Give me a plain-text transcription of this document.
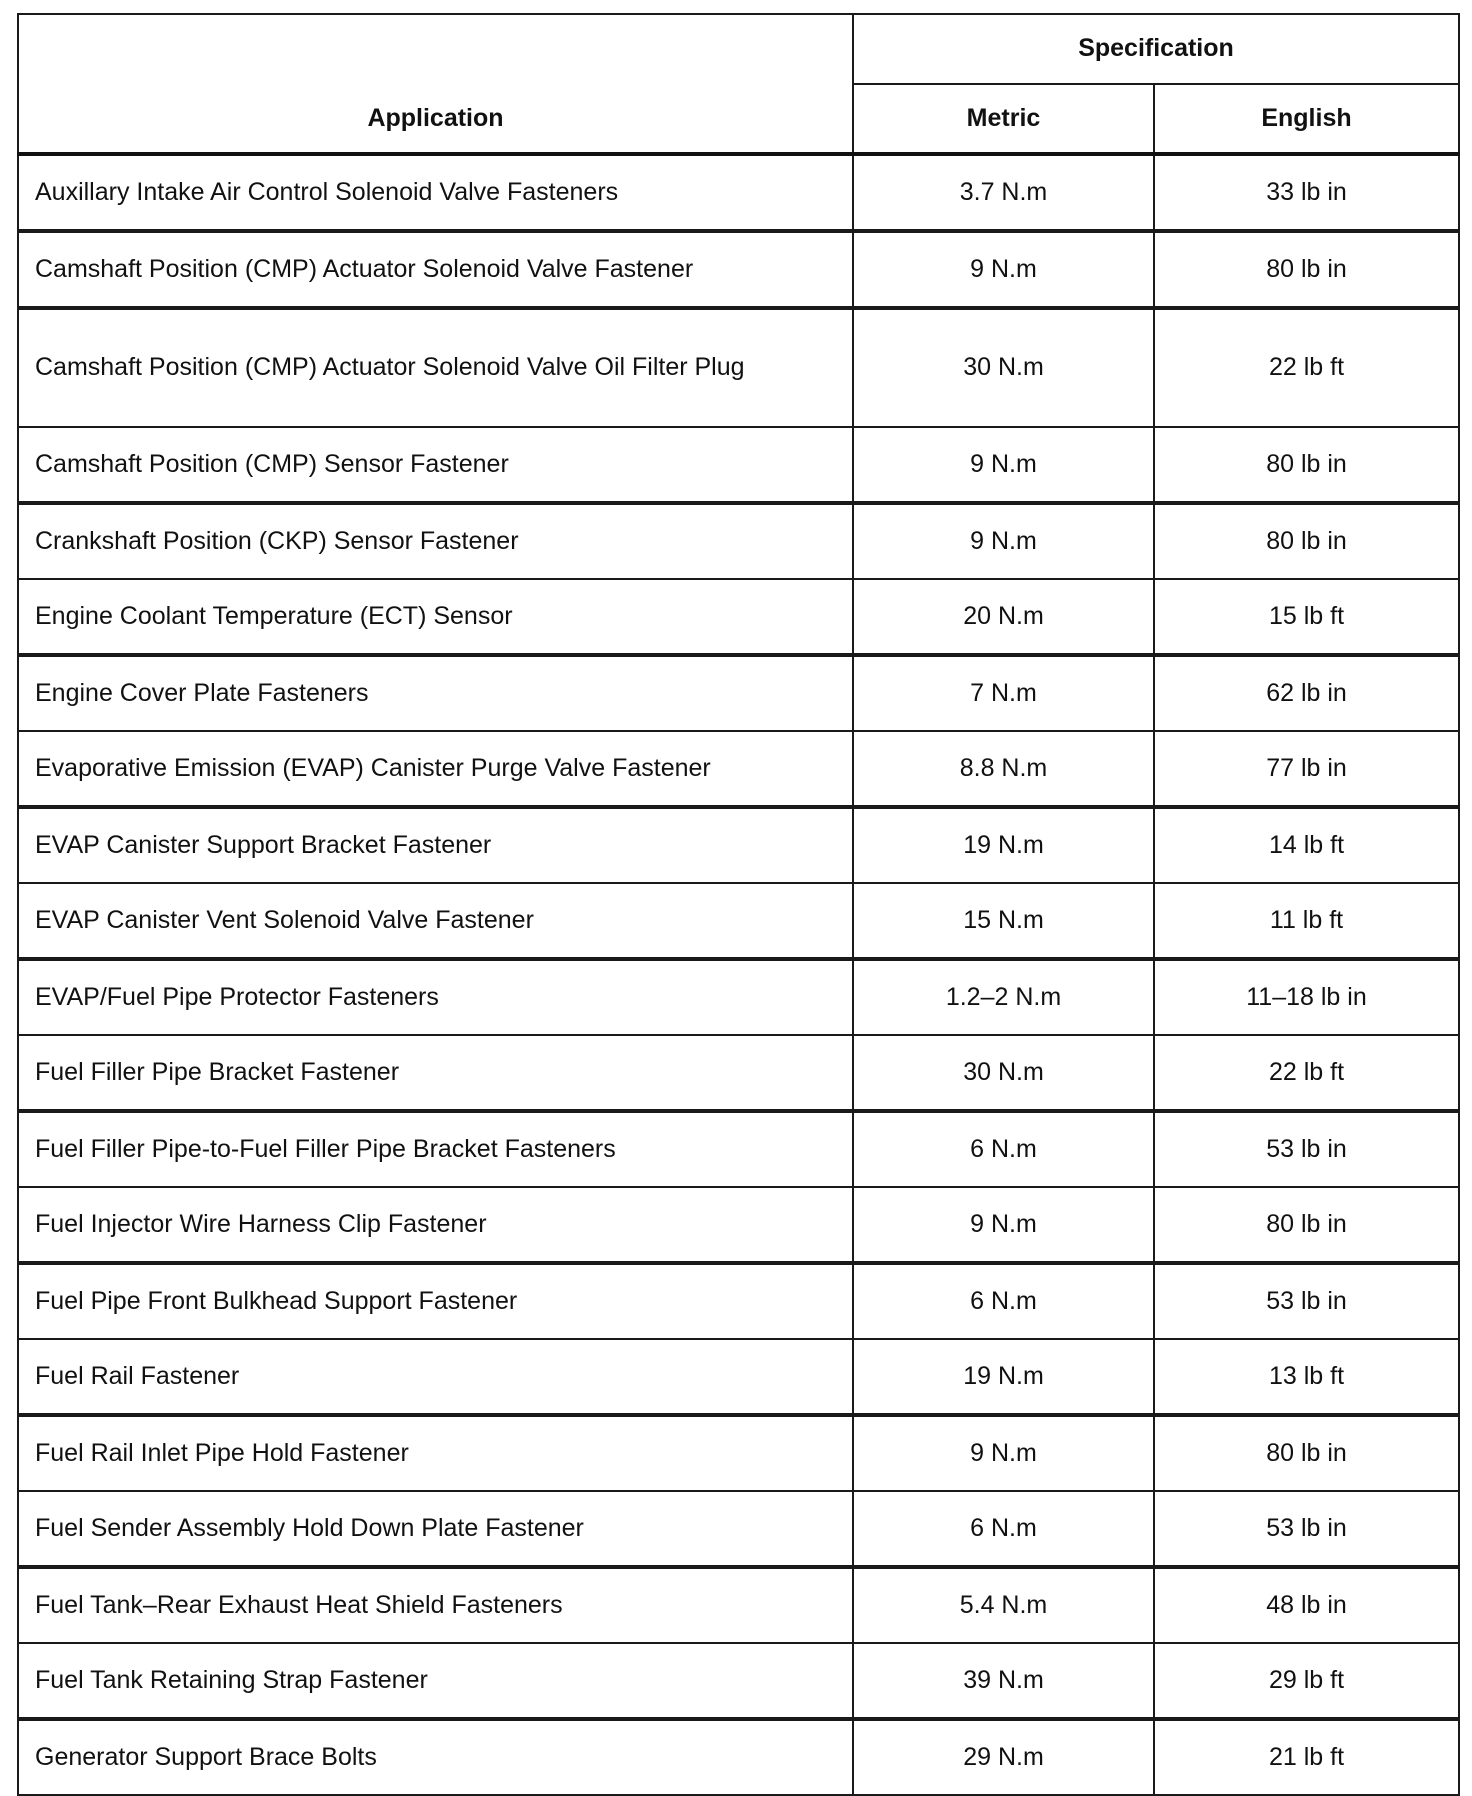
Application	Specification	
	Metric	English
Auxillary Intake Air Control Solenoid Valve Fasteners	3.7 N.m	33 lb in
Camshaft Position (CMP) Actuator Solenoid Valve Fastener	9 N.m	80 lb in
Camshaft Position (CMP) Actuator Solenoid Valve Oil Filter Plug	30 N.m	22 lb ft
Camshaft Position (CMP) Sensor Fastener	9 N.m	80 lb in
Crankshaft Position (CKP) Sensor Fastener	9 N.m	80 lb in
Engine Coolant Temperature (ECT) Sensor	20 N.m	15 lb ft
Engine Cover Plate Fasteners	7 N.m	62 lb in
Evaporative Emission (EVAP) Canister Purge Valve Fastener	8.8 N.m	77 lb in
EVAP Canister Support Bracket Fastener	19 N.m	14 lb ft
EVAP Canister Vent Solenoid Valve Fastener	15 N.m	11 lb ft
EVAP/Fuel Pipe Protector Fasteners	1.2–2 N.m	11–18 lb in
Fuel Filler Pipe Bracket Fastener	30 N.m	22 lb ft
Fuel Filler Pipe-to-Fuel Filler Pipe Bracket Fasteners	6 N.m	53 lb in
Fuel Injector Wire Harness Clip Fastener	9 N.m	80 lb in
Fuel Pipe Front Bulkhead Support Fastener	6 N.m	53 lb in
Fuel Rail Fastener	19 N.m	13 lb ft
Fuel Rail Inlet Pipe Hold Fastener	9 N.m	80 lb in
Fuel Sender Assembly Hold Down Plate Fastener	6 N.m	53 lb in
Fuel Tank–Rear Exhaust Heat Shield Fasteners	5.4 N.m	48 lb in
Fuel Tank Retaining Strap Fastener	39 N.m	29 lb ft
Generator Support Brace Bolts	29 N.m	21 lb ft
